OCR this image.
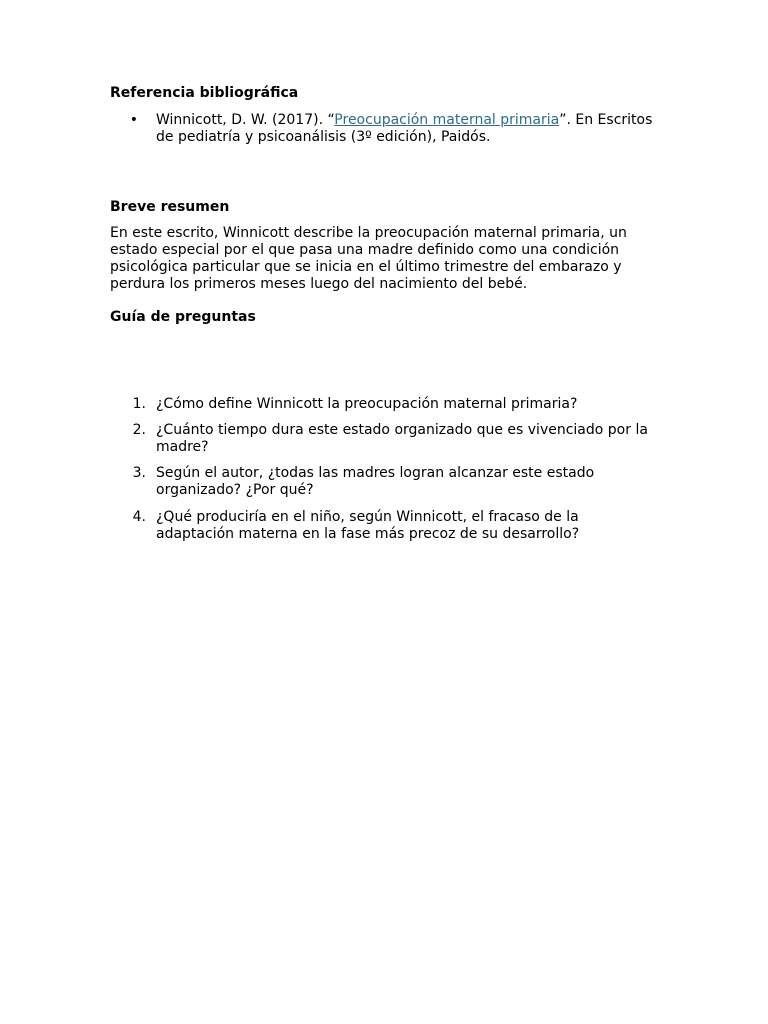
Referencia bibliográfica
• Winnicott, D. W. (2017). “Preocupación maternal primaria”. En Escritos de pediatría y psicoanálisis (3º edición), Paidós.
Breve resumen
En este escrito, Winnicott describe la preocupación maternal primaria, un estado especial por el que pasa una madre definido como una condición psicológica particular que se inicia en el último trimestre del embarazo y perdura los primeros meses luego del nacimiento del bebé.
Guía de preguntas
1. ¿Cómo define Winnicott la preocupación maternal primaria?
2. ¿Cuánto tiempo dura este estado organizado que es vivenciado por la madre?
3. Según el autor, ¿todas las madres logran alcanzar este estado organizado? ¿Por qué?
4. ¿Qué produciría en el niño, según Winnicott, el fracaso de la adaptación materna en la fase más precoz de su desarrollo?
